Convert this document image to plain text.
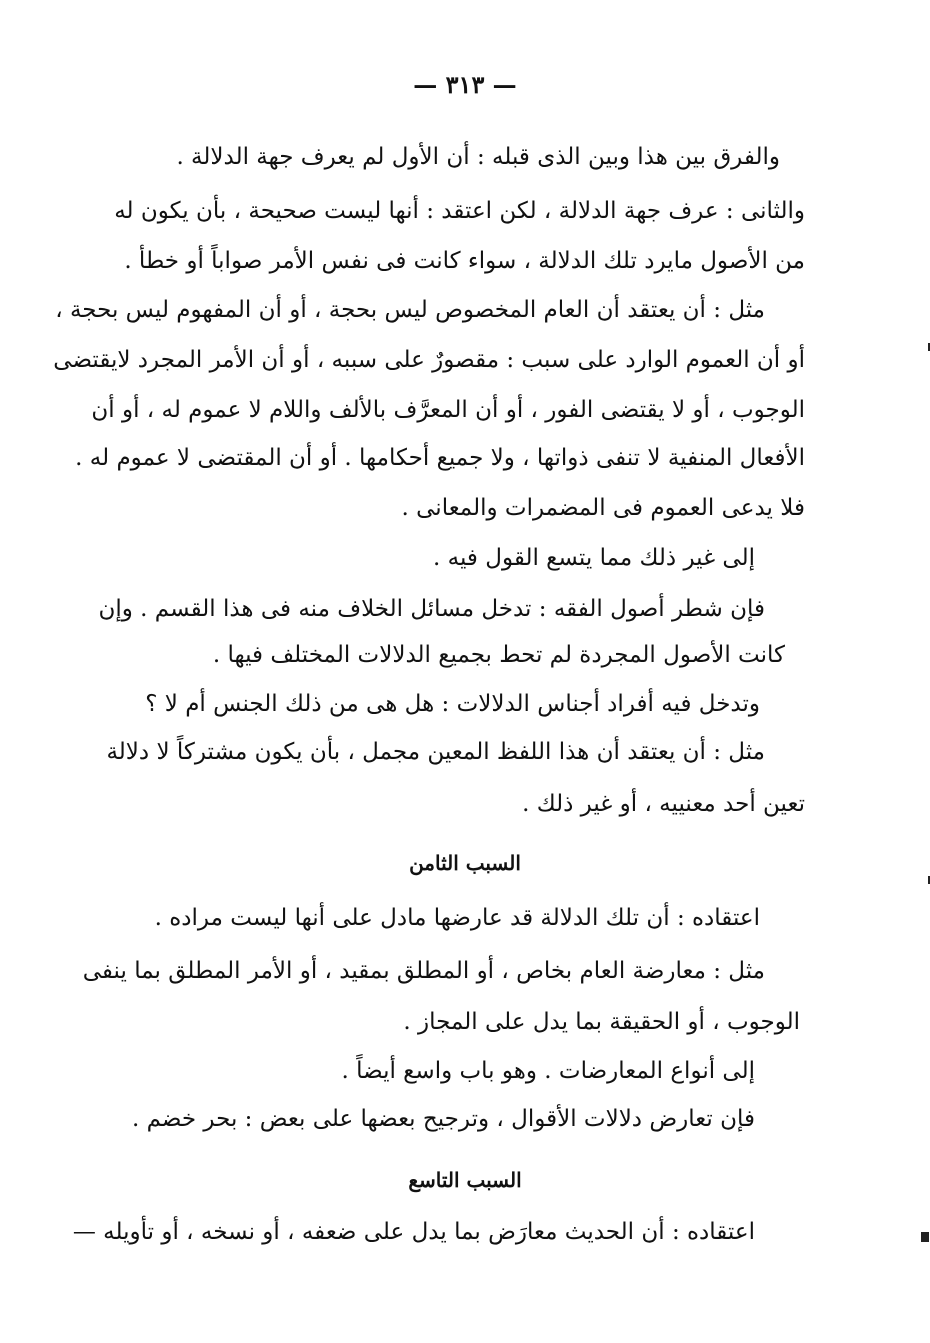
— ٣١٣ —

والفرق بين هذا وبين الذى قبله : أن الأول لم يعرف جهة الدلالة .

والثانى : عرف جهة الدلالة ، لكن اعتقد : أنها ليست صحيحة ، بأن يكون له

من الأصول مايرد تلك الدلالة ، سواء كانت فى نفس الأمر صواباً أو خطأ .

مثل : أن يعتقد أن العام المخصوص ليس بحجة ، أو أن المفهوم ليس بحجة ،

أو أن العموم الوارد على سبب : مقصورٌ على سببه ، أو أن الأمر المجرد لايقتضى

الوجوب ، أو لا يقتضى الفور ، أو أن المعرَّف بالألف واللام لا عموم له ، أو أن

الأفعال المنفية لا تنفى ذواتها ، ولا جميع أحكامها . أو أن المقتضى لا عموم له .

فلا يدعى العموم فى المضمرات والمعانى .

إلى غير ذلك مما يتسع القول فيه .

فإن شطر أصول الفقه : تدخل مسائل الخلاف منه فى هذا القسم . وإن

كانت الأصول المجردة لم تحط بجميع الدلالات المختلف فيها .

وتدخل فيه أفراد أجناس الدلالات : هل هى من ذلك الجنس أم لا ؟

مثل : أن يعتقد أن هذا اللفظ المعين مجمل ، بأن يكون مشتركاً لا دلالة

تعين أحد معنييه ، أو غير ذلك .

السبب الثامن

اعتقاده : أن تلك الدلالة قد عارضها مادل على أنها ليست مراده .

مثل : معارضة العام بخاص ، أو المطلق بمقيد ، أو الأمر المطلق بما ينفى

الوجوب ، أو الحقيقة بما يدل على المجاز .

إلى أنواع المعارضات . وهو باب واسع أيضاً .

فإن تعارض دلالات الأقوال ، وترجيح بعضها على بعض : بحر خضم .

السبب التاسع

اعتقاده : أن الحديث معارَض بما يدل على ضعفه ، أو نسخه ، أو تأويله —
